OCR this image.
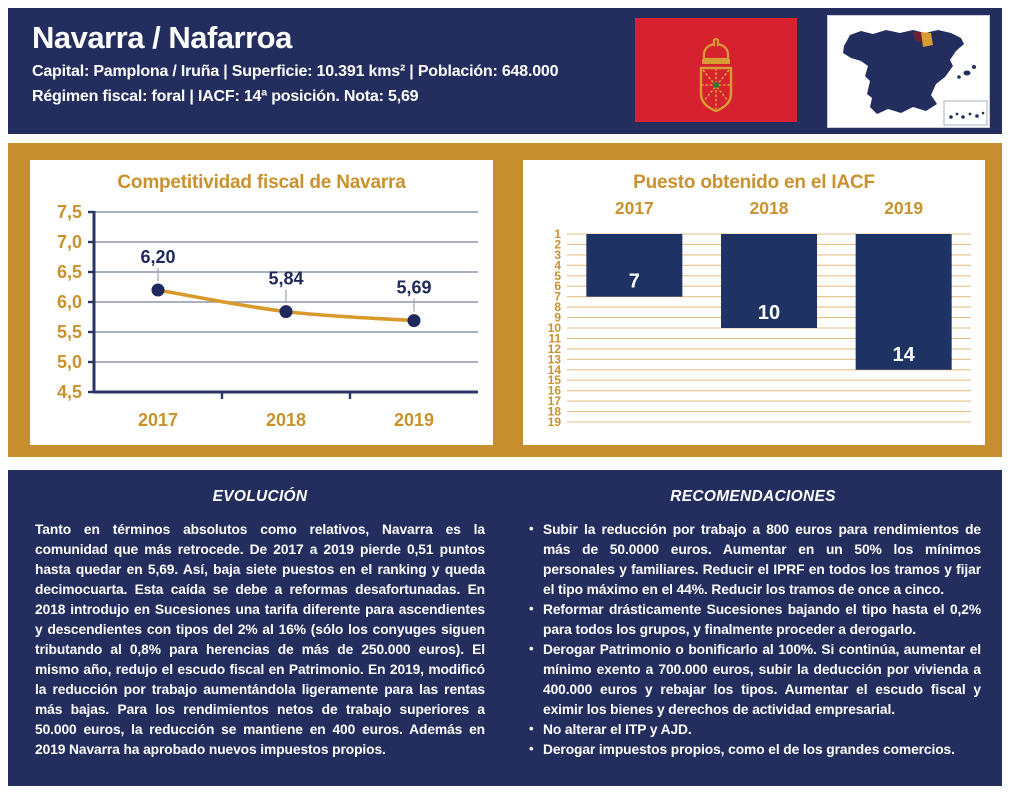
Navarra / Nafarroa

Capital: Pamplona / Iruña | Superficie: 10.391 kms² | Población: 648.000

Régimen fiscal: foral | IACF: 14ª posición. Nota: 5,69

Competitividad fiscal de Navarra
7,5
7,0
6,5
6,0
5,5
5,0
4,5
2017	2018	2019
6,20
5,84	5,69
Puesto obtenido en el IACF
2017	2018	2019
1
2
3
4
5
6
7
8
9
10
11
12
13
14
15
16
17
18
19
7
10
14
EVOLUCIÓN

Tanto en términos absolutos como relativos, Navarra es la comunidad que más retrocede. De 2017 a 2019 pierde 0,51 puntos hasta quedar en 5,69. Así, baja siete puestos en el ranking y queda decimocuarta. Esta caída se debe a reformas desafortunadas. En 2018 introdujo en Sucesiones una tarifa diferente para ascendientes y descendientes con tipos del 2% al 16% (sólo los conyuges siguen tributando al 0,8% para herencias de más de 250.000 euros). El mismo año, redujo el escudo fiscal en Patrimonio. En 2019, modificó la reducción por trabajo aumentándola ligeramente para las rentas más bajas. Para los rendimientos netos de trabajo superiores a 50.000 euros, la reducción se mantiene en 400 euros. Además en 2019 Navarra ha aprobado nuevos impuestos propios.

RECOMENDACIONES
• Subir la reducción por trabajo a 800 euros para rendimientos de más de 50.0000 euros. Aumentar en un 50% los mínimos personales y familiares. Reducir el IPRF en todos los tramos y fijar el tipo máximo en el 44%. Reducir los tramos de once a cinco.
• Reformar drásticamente Sucesiones bajando el tipo hasta el 0,2% para todos los grupos, y finalmente proceder a derogarlo.
• Derogar Patrimonio o bonificarlo al 100%. Si continúa, aumentar el mínimo exento a 700.000 euros, subir la deducción por vivienda a 400.000 euros y rebajar los tipos. Aumentar el escudo fiscal y eximir los bienes y derechos de actividad empresarial.
• No alterar el ITP y AJD.
• Derogar impuestos propios, como el de los grandes comercios.
